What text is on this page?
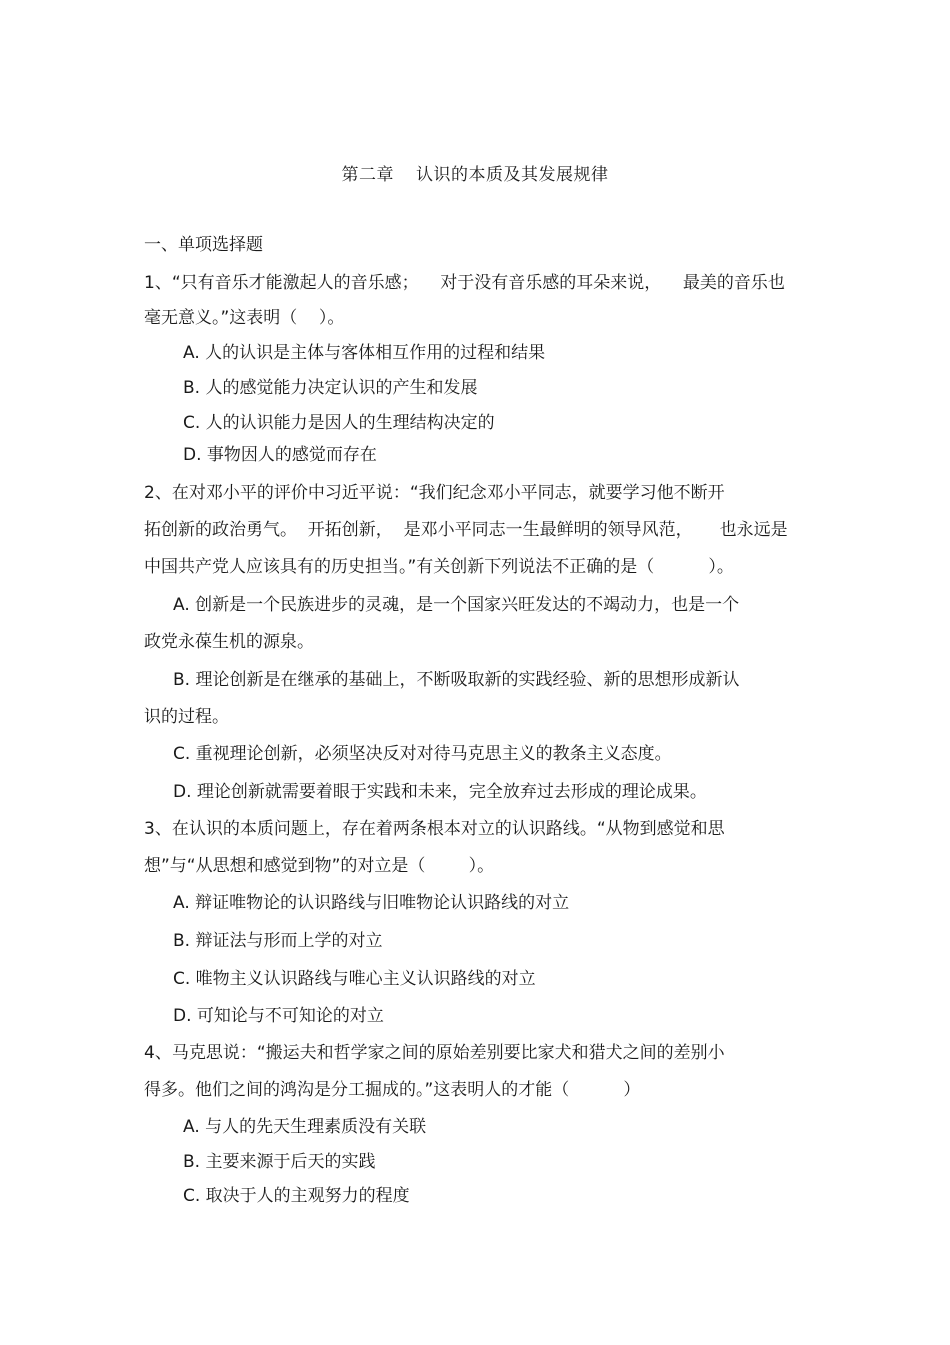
第二章 认识的本质及其发展规律
一、单项选择题
1、“只有音乐才能激起人的音乐感；    对于没有音乐感的耳朵来说，    最美的音乐也
毫无意义。”这表明（    ）。
A. 人的认识是主体与客体相互作用的过程和结果
B. 人的感觉能力决定认识的产生和发展
C. 人的认识能力是因人的生理结构决定的
D. 事物因人的感觉而存在
2、在对邓小平的评价中习近平说：“我们纪念邓小平同志，就要学习他不断开
拓创新的政治勇气。  开拓创新，  是邓小平同志一生最鲜明的领导风范，     也永远是
中国共产党人应该具有的历史担当。”有关创新下列说法不正确的是（          ）。
A. 创新是一个民族进步的灵魂，是一个国家兴旺发达的不竭动力，也是一个
政党永葆生机的源泉。
B. 理论创新是在继承的基础上，不断吸取新的实践经验、新的思想形成新认
识的过程。
C. 重视理论创新，必须坚决反对对待马克思主义的教条主义态度。
D. 理论创新就需要着眼于实践和未来，完全放弃过去形成的理论成果。
3、在认识的本质问题上，存在着两条根本对立的认识路线。“从物到感觉和思
想”与“从思想和感觉到物”的对立是（        ）。
A. 辩证唯物论的认识路线与旧唯物论认识路线的对立
B. 辩证法与形而上学的对立
C. 唯物主义认识路线与唯心主义认识路线的对立
D. 可知论与不可知论的对立
4、马克思说：“搬运夫和哲学家之间的原始差别要比家犬和猎犬之间的差别小
得多。他们之间的鸿沟是分工掘成的。”这表明人的才能（          ）
A. 与人的先天生理素质没有关联
B. 主要来源于后天的实践
C. 取决于人的主观努力的程度
